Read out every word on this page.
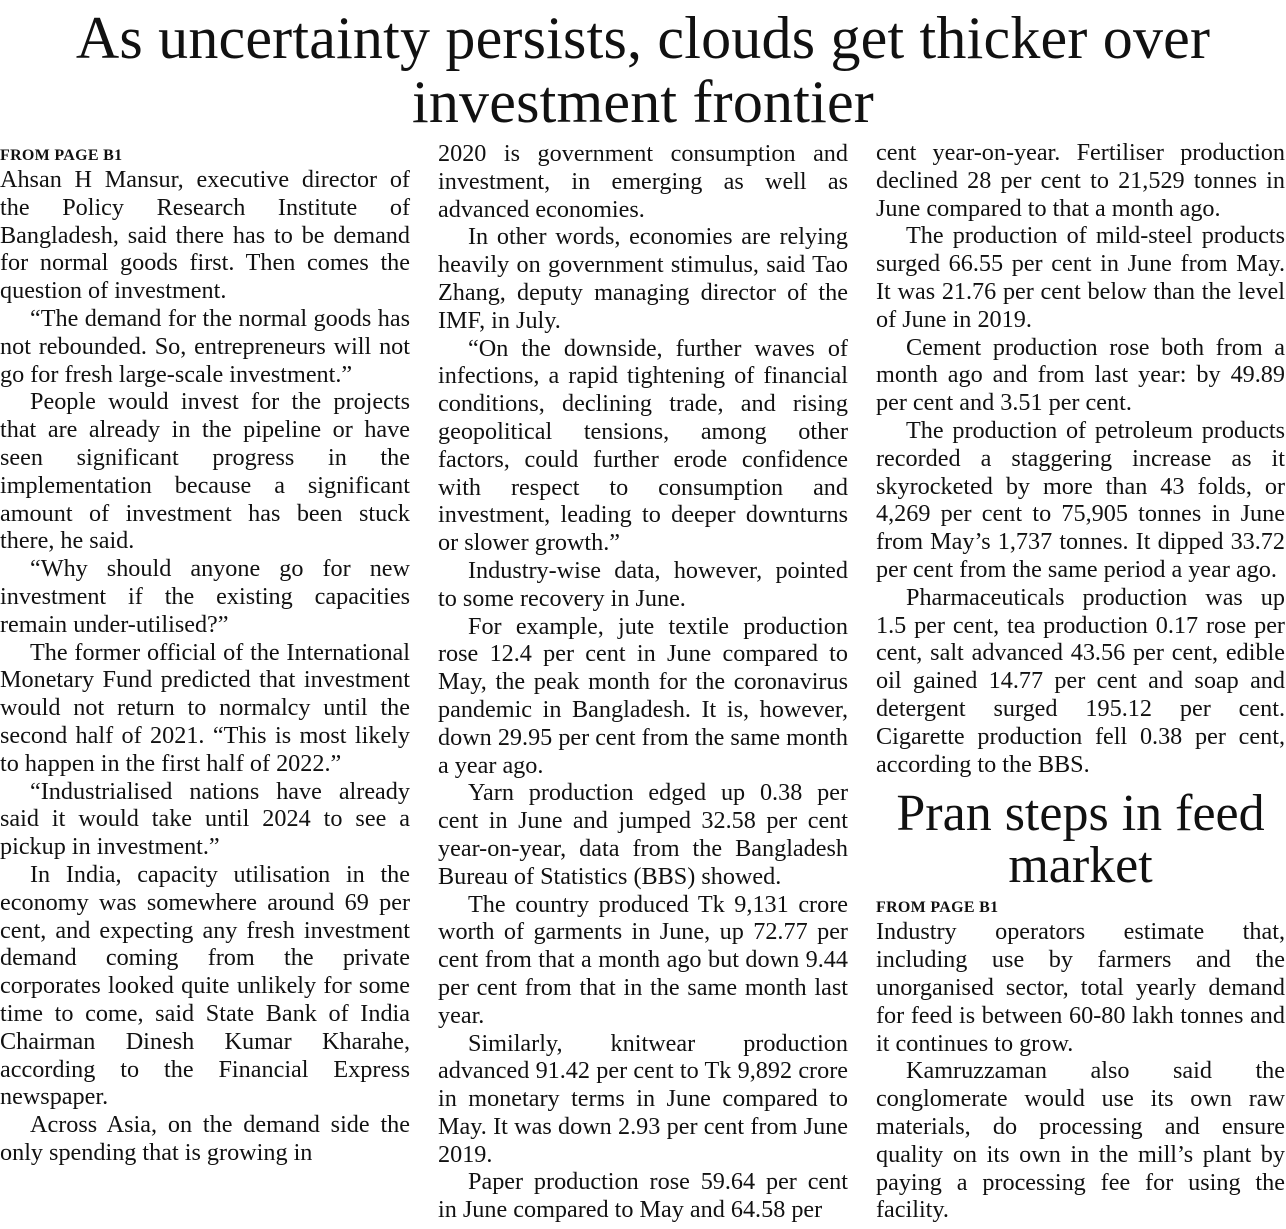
As uncertainty persists, clouds get thicker over investment frontier
FROM PAGE B1

Ahsan H Mansur, executive director of the Policy Research Institute of Bangladesh, said there has to be demand for normal goods first. Then comes the question of investment.

“The demand for the normal goods has not rebounded. So, entrepreneurs will not go for fresh large-scale investment.”

People would invest for the projects that are already in the pipeline or have seen significant progress in the implementation because a significant amount of investment has been stuck there, he said.

“Why should anyone go for new investment if the existing capacities remain under-utilised?”

The former official of the International Monetary Fund predicted that investment would not return to normalcy until the second half of 2021. “This is most likely to happen in the first half of 2022.”

“Industrialised nations have already said it would take until 2024 to see a pickup in investment.”

In India, capacity utilisation in the economy was somewhere around 69 per cent, and expecting any fresh investment demand coming from the private corporates looked quite unlikely for some time to come, said State Bank of India Chairman Dinesh Kumar Kharahe, according to the Financial Express newspaper.

Across Asia, on the demand side the only spending that is growing in

2020 is government consumption and investment, in emerging as well as advanced economies.

In other words, economies are relying heavily on government stimulus, said Tao Zhang, deputy managing director of the IMF, in July.

“On the downside, further waves of infections, a rapid tightening of financial conditions, declining trade, and rising geopolitical tensions, among other factors, could further erode confidence with respect to consumption and investment, leading to deeper downturns or slower growth.”

Industry-wise data, however, pointed to some recovery in June.

For example, jute textile production rose 12.4 per cent in June compared to May, the peak month for the coronavirus pandemic in Bangladesh. It is, however, down 29.95 per cent from the same month a year ago.

Yarn production edged up 0.38 per cent in June and jumped 32.58 per cent year-on-year, data from the Bangladesh Bureau of Statistics (BBS) showed.

The country produced Tk 9,131 crore worth of garments in June, up 72.77 per cent from that a month ago but down 9.44 per cent from that in the same month last year.

Similarly, knitwear production advanced 91.42 per cent to Tk 9,892 crore in monetary terms in June compared to May. It was down 2.93 per cent from June 2019.

Paper production rose 59.64 per cent in June compared to May and 64.58 per

cent year-on-year. Fertiliser production declined 28 per cent to 21,529 tonnes in June compared to that a month ago.

The production of mild-steel products surged 66.55 per cent in June from May. It was 21.76 per cent below than the level of June in 2019.

Cement production rose both from a month ago and from last year: by 49.89 per cent and 3.51 per cent.

The production of petroleum products recorded a staggering increase as it skyrocketed by more than 43 folds, or 4,269 per cent to 75,905 tonnes in June from May’s 1,737 tonnes. It dipped 33.72 per cent from the same period a year ago.

Pharmaceuticals production was up 1.5 per cent, tea production 0.17 rose per cent, salt advanced 43.56 per cent, edible oil gained 14.77 per cent and soap and detergent surged 195.12 per cent. Cigarette production fell 0.38 per cent, according to the BBS.

Pran steps in feed market
FROM PAGE B1

Industry operators estimate that, including use by farmers and the unorganised sector, total yearly demand for feed is between 60-80 lakh tonnes and it continues to grow.

Kamruzzaman also said the conglomerate would use its own raw materials, do processing and ensure quality on its own in the mill’s plant by paying a processing fee for using the facility.
